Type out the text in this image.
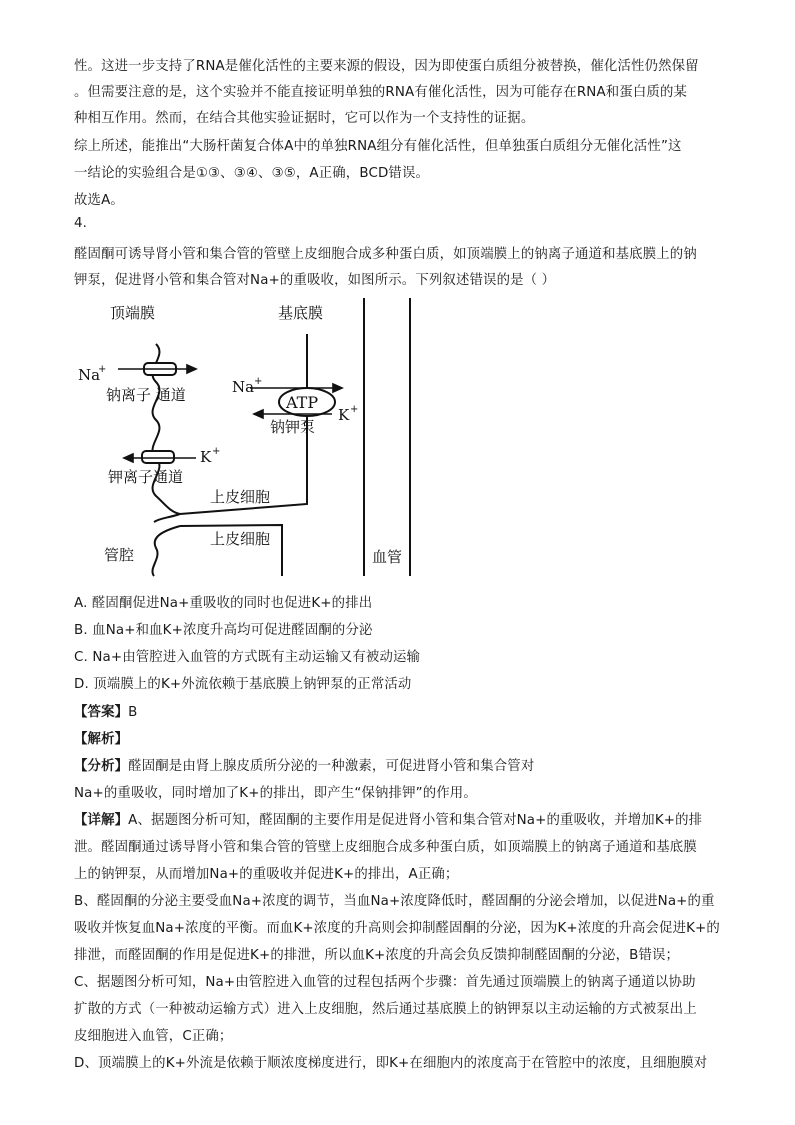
性。这进一步支持了RNA是催化活性的主要来源的假设，因为即使蛋白质组分被替换，催化活性仍然保留
。但需要注意的是，这个实验并不能直接证明单独的RNA有催化活性，因为可能存在RNA和蛋白质的某
种相互作用。然而，在结合其他实验证据时，它可以作为一个支持性的证据。
综上所述，能推出“大肠杆菌复合体A中的单独RNA组分有催化活性，但单独蛋白质组分无催化活性”这
一结论的实验组合是①③、③④、③⑤，A正确，BCD错误。
故选A。
4.
醛固酮可诱导肾小管和集合管的管壁上皮细胞合成多种蛋白质，如顶端膜上的钠离子通道和基底膜上的钠
钾泵，促进肾小管和集合管对Na+的重吸收，如图所示。下列叙述错误的是（ ）
顶端膜	基底膜
Na
+
钠离子 通道
K +
钾离子通道
Na +
ATP
K +
钠钾泵
上皮细胞
上皮细胞
管腔	血管
A. 醛固酮促进Na+重吸收的同时也促进K+的排出
B. 血Na+和血K+浓度升高均可促进醛固酮的分泌
C. Na+由管腔进入血管的方式既有主动运输又有被动运输
D. 顶端膜上的K+外流依赖于基底膜上钠钾泵的正常活动
【答案】B
【解析】
【分析】醛固酮是由肾上腺皮质所分泌的一种激素，可促进肾小管和集合管对
Na+的重吸收，同时增加了K+的排出，即产生“保钠排钾”的作用。
【详解】A、据题图分析可知，醛固酮的主要作用是促进肾小管和集合管对Na+的重吸收，并增加K+的排
泄。醛固酮通过诱导肾小管和集合管的管壁上皮细胞合成多种蛋白质，如顶端膜上的钠离子通道和基底膜
上的钠钾泵，从而增加Na+的重吸收并促进K+的排出，A正确；
B、醛固酮的分泌主要受血Na+浓度的调节，当血Na+浓度降低时，醛固酮的分泌会增加，以促进Na+的重
吸收并恢复血Na+浓度的平衡。而血K+浓度的升高则会抑制醛固酮的分泌，因为K+浓度的升高会促进K+的
排泄，而醛固酮的作用是促进K+的排泄，所以血K+浓度的升高会负反馈抑制醛固酮的分泌，B错误；
C、据题图分析可知，Na+由管腔进入血管的过程包括两个步骤：首先通过顶端膜上的钠离子通道以协助
扩散的方式（一种被动运输方式）进入上皮细胞，然后通过基底膜上的钠钾泵以主动运输的方式被泵出上
皮细胞进入血管，C正确；
D、顶端膜上的K+外流是依赖于顺浓度梯度进行，即K+在细胞内的浓度高于在管腔中的浓度，且细胞膜对
